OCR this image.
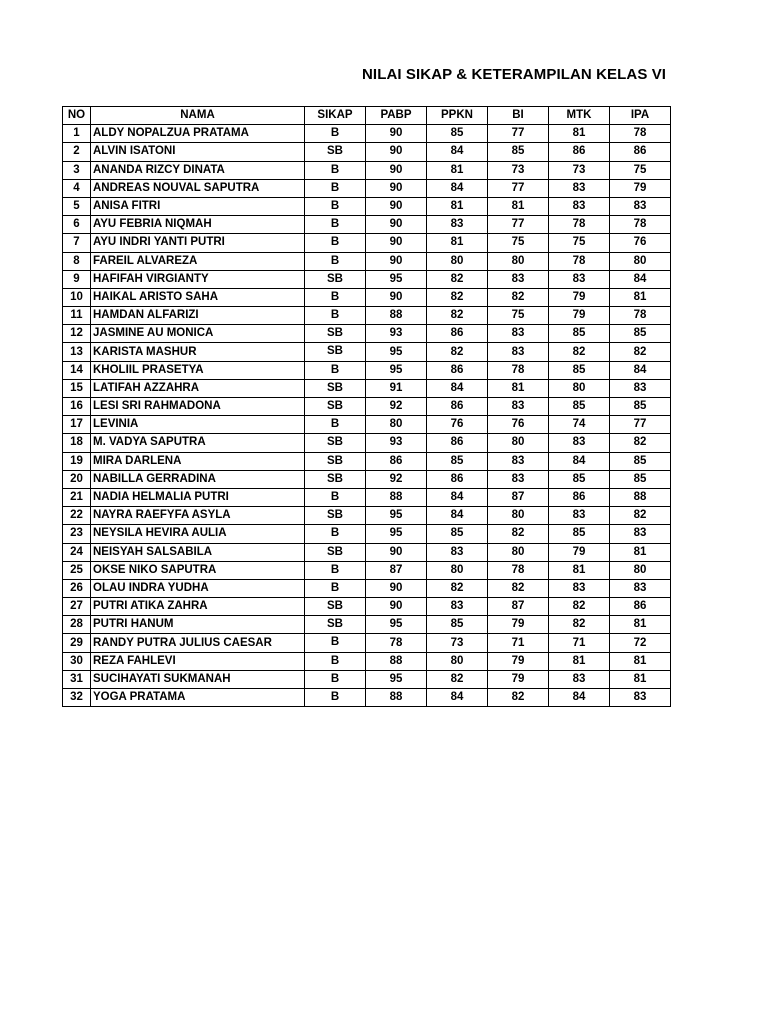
NILAI SIKAP & KETERAMPILAN KELAS VI
NO	NAMA	SIKAP	PABP	PPKN	BI	MTK	IPA
1	ALDY NOPALZUA PRATAMA	B	90	85	77	81	78
2	ALVIN ISATONI	SB	90	84	85	86	86
3	ANANDA RIZCY DINATA	B	90	81	73	73	75
4	ANDREAS NOUVAL SAPUTRA	B	90	84	77	83	79
5	ANISA FITRI	B	90	81	81	83	83
6	AYU FEBRIA NIQMAH	B	90	83	77	78	78
7	AYU INDRI YANTI PUTRI	B	90	81	75	75	76
8	FAREIL ALVAREZA	B	90	80	80	78	80
9	HAFIFAH VIRGIANTY	SB	95	82	83	83	84
10	HAIKAL ARISTO SAHA	B	90	82	82	79	81
11	HAMDAN ALFARIZI	B	88	82	75	79	78
12	JASMINE AU MONICA	SB	93	86	83	85	85
13	KARISTA MASHUR	SB	95	82	83	82	82
14	KHOLIIL PRASETYA	B	95	86	78	85	84
15	LATIFAH AZZAHRA	SB	91	84	81	80	83
16	LESI SRI RAHMADONA	SB	92	86	83	85	85
17	LEVINIA	B	80	76	76	74	77
18	M. VADYA SAPUTRA	SB	93	86	80	83	82
19	MIRA DARLENA	SB	86	85	83	84	85
20	NABILLA GERRADINA	SB	92	86	83	85	85
21	NADIA HELMALIA PUTRI	B	88	84	87	86	88
22	NAYRA RAEFYFA ASYLA	SB	95	84	80	83	82
23	NEYSILA HEVIRA AULIA	B	95	85	82	85	83
24	NEISYAH SALSABILA	SB	90	83	80	79	81
25	OKSE NIKO SAPUTRA	B	87	80	78	81	80
26	OLAU INDRA YUDHA	B	90	82	82	83	83
27	PUTRI ATIKA ZAHRA	SB	90	83	87	82	86
28	PUTRI HANUM	SB	95	85	79	82	81
29	RANDY PUTRA JULIUS CAESAR	B	78	73	71	71	72
30	REZA FAHLEVI	B	88	80	79	81	81
31	SUCIHAYATI SUKMANAH	B	95	82	79	83	81
32	YOGA PRATAMA	B	88	84	82	84	83
